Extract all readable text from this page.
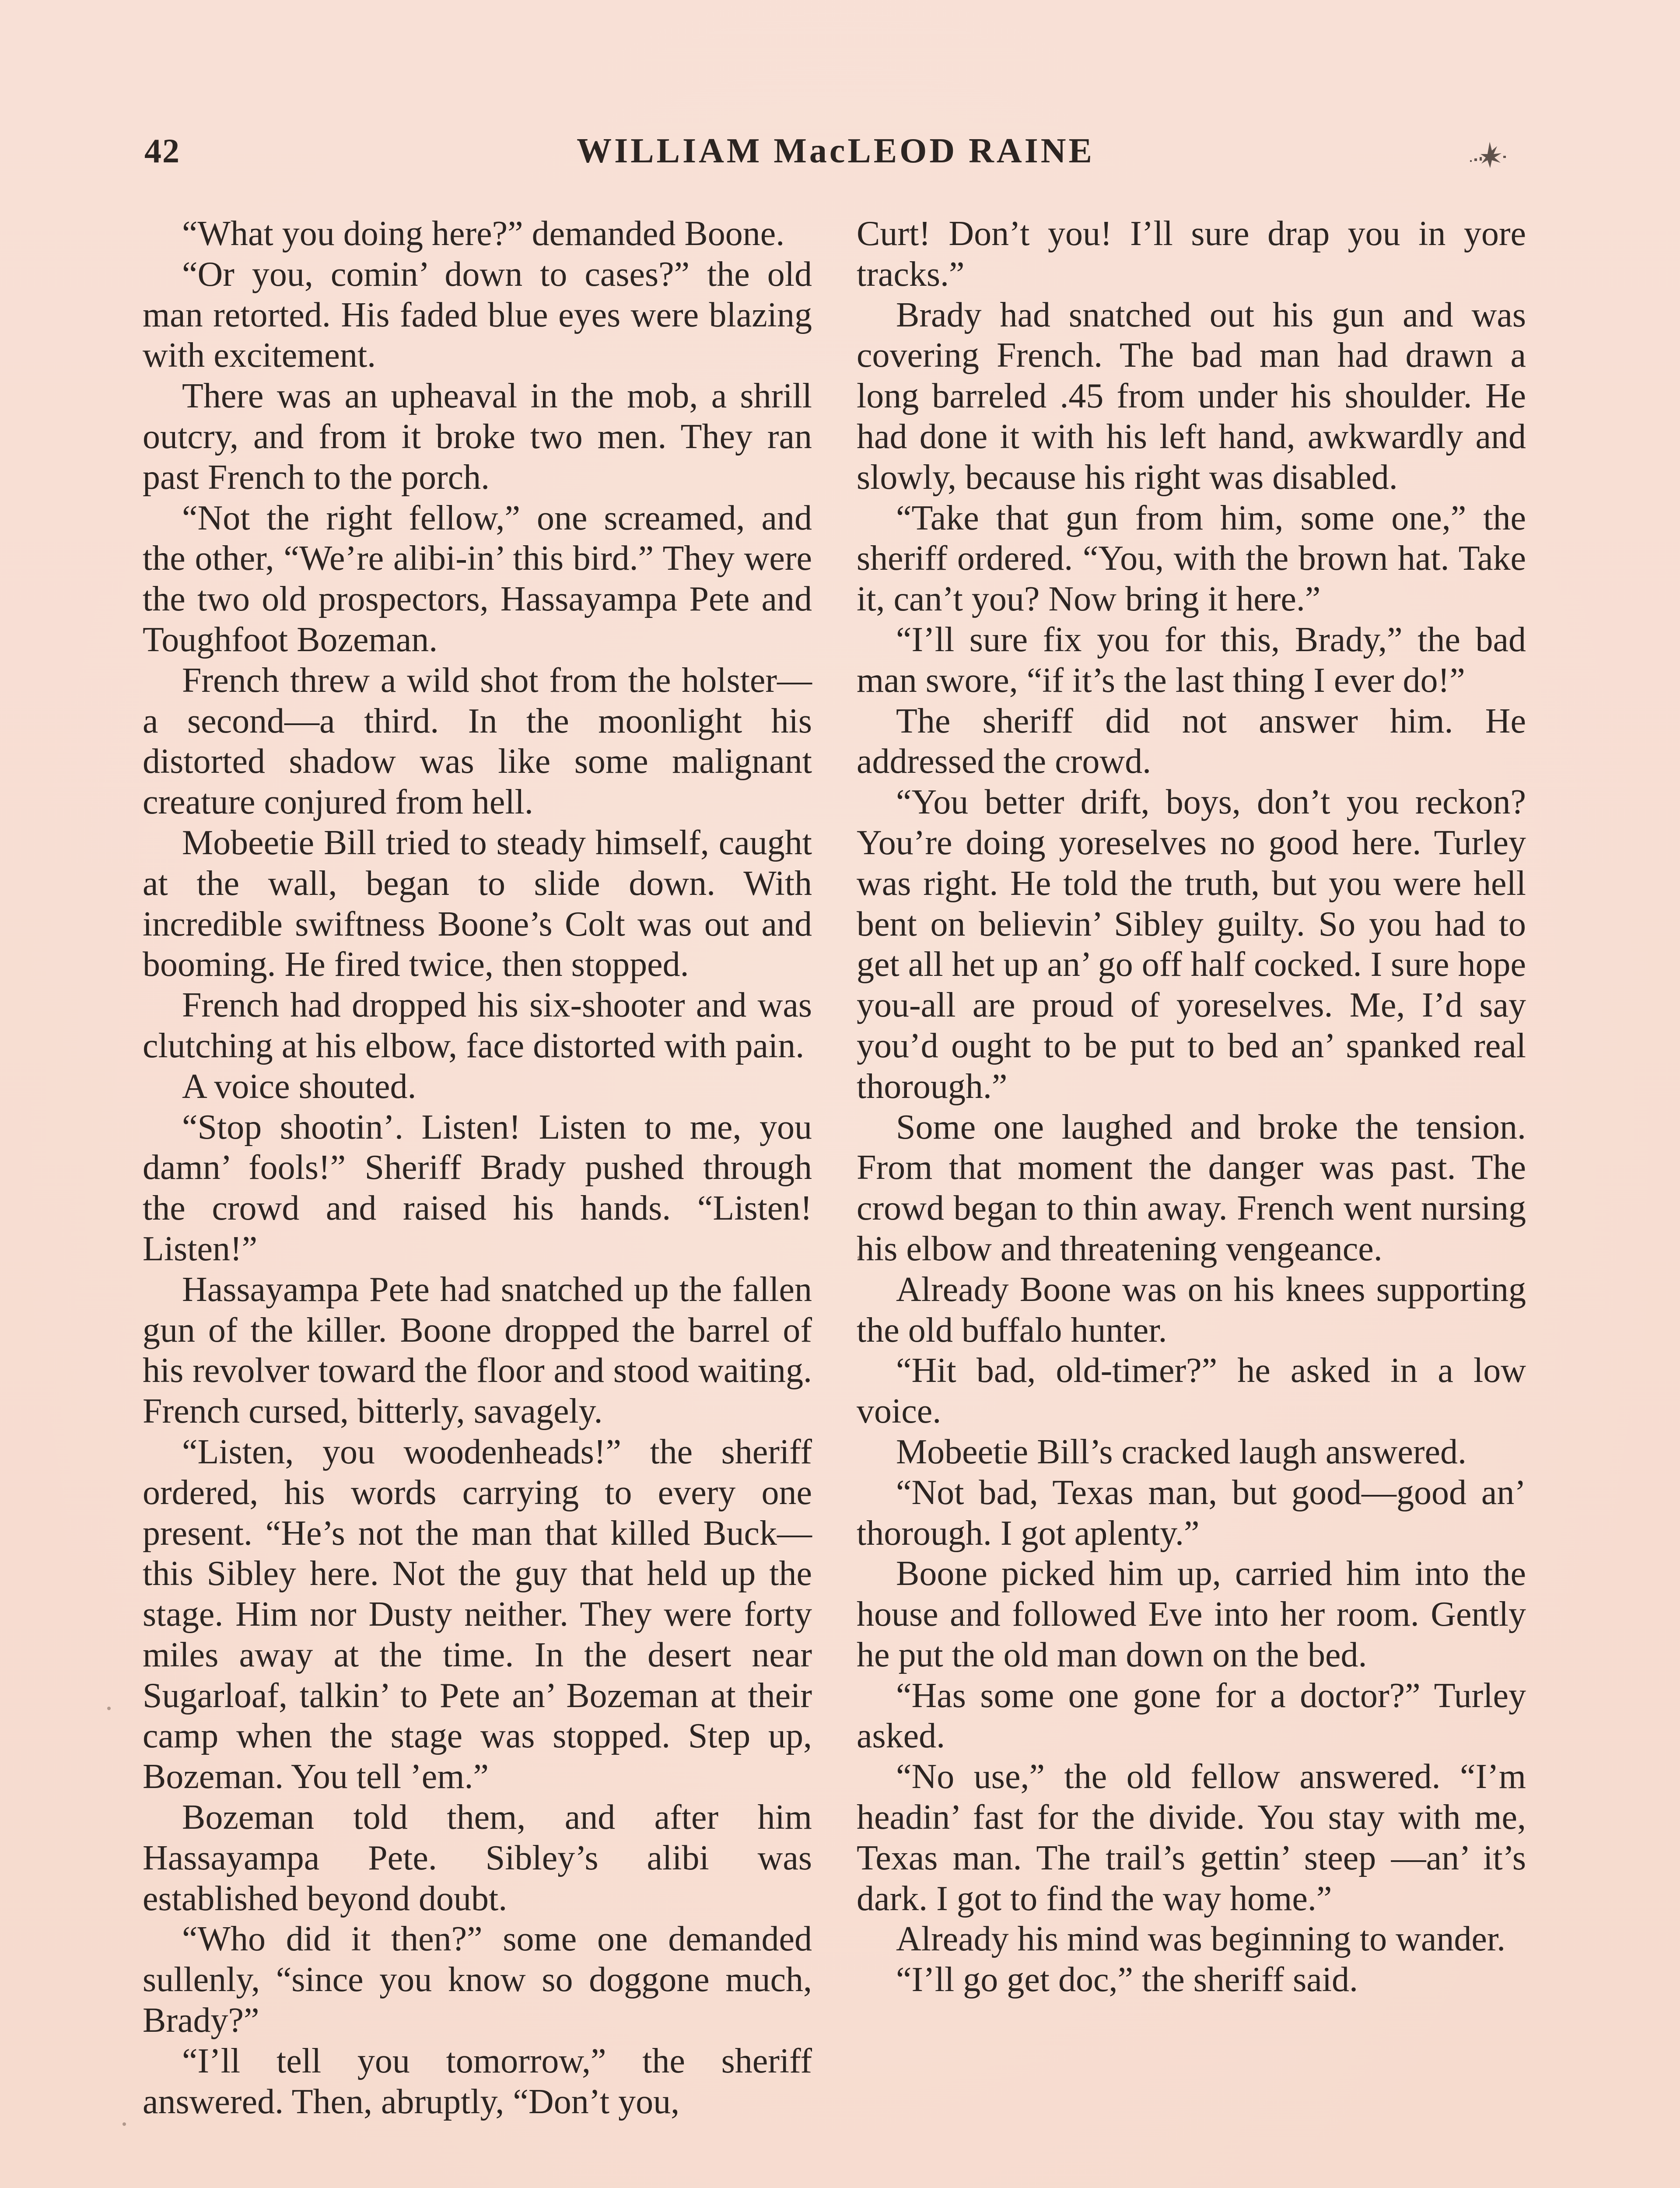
42	WILLIAM MacLEOD RAINE

“What you doing here?” demanded Boone.

“Or you, comin’ down to cases?” the old man retorted. His faded blue eyes were blazing with excitement.

There was an upheaval in the mob, a shrill outcry, and from it broke two men. They ran past French to the porch.

“Not the right fellow,” one screamed, and the other, “We’re alibi-in’ this bird.” They were the two old prospectors, Hassayampa Pete and Toughfoot Bozeman.

French threw a wild shot from the holster—a second—a third. In the moonlight his distorted shadow was like some malignant creature conjured from hell.

Mobeetie Bill tried to steady himself, caught at the wall, began to slide down. With incredible swiftness Boone’s Colt was out and booming. He fired twice, then stopped.

French had dropped his six-shooter and was clutching at his elbow, face distorted with pain.

A voice shouted.

“Stop shootin’. Listen! Listen to me, you damn’ fools!” Sheriff Brady pushed through the crowd and raised his hands. “Listen! Listen!”

Hassayampa Pete had snatched up the fallen gun of the killer. Boone dropped the barrel of his revolver toward the floor and stood waiting. French cursed, bitterly, savagely.

“Listen, you woodenheads!” the sheriff ordered, his words carrying to every one present. “He’s not the man that killed Buck—this Sibley here. Not the guy that held up the stage. Him nor Dusty neither. They were forty miles away at the time. In the desert near Sugarloaf, talkin’ to Pete an’ Bozeman at their camp when the stage was stopped. Step up, Bozeman. You tell ’em.”

Bozeman told them, and after him Hassayampa Pete. Sibley’s alibi was established beyond doubt.

“Who did it then?” some one demanded sullenly, “since you know so doggone much, Brady?”

“I’ll tell you tomorrow,” the sheriff answered. Then, abruptly, “Don’t you,

Curt! Don’t you! I’ll sure drap you in yore tracks.”

Brady had snatched out his gun and was covering French. The bad man had drawn a long barreled .45 from under his shoulder. He had done it with his left hand, awkwardly and slowly, because his right was disabled.

“Take that gun from him, some one,” the sheriff ordered. “You, with the brown hat. Take it, can’t you? Now bring it here.”

“I’ll sure fix you for this, Brady,” the bad man swore, “if it’s the last thing I ever do!”

The sheriff did not answer him. He addressed the crowd.

“You better drift, boys, don’t you reckon? You’re doing yoreselves no good here. Turley was right. He told the truth, but you were hell bent on believin’ Sibley guilty. So you had to get all het up an’ go off half cocked. I sure hope you-all are proud of yoreselves. Me, I’d say you’d ought to be put to bed an’ spanked real thorough.”

Some one laughed and broke the tension. From that moment the danger was past. The crowd began to thin away. French went nursing his elbow and threatening vengeance.

Already Boone was on his knees supporting the old buffalo hunter.

“Hit bad, old-timer?” he asked in a low voice.

Mobeetie Bill’s cracked laugh answered.

“Not bad, Texas man, but good—good an’ thorough. I got aplenty.”

Boone picked him up, carried him into the house and followed Eve into her room. Gently he put the old man down on the bed.

“Has some one gone for a doctor?” Turley asked.

“No use,” the old fellow answered. “I’m headin’ fast for the divide. You stay with me, Texas man. The trail’s gettin’ steep —an’ it’s dark. I got to find the way home.”

Already his mind was beginning to wander.

“I’ll go get doc,” the sheriff said.
